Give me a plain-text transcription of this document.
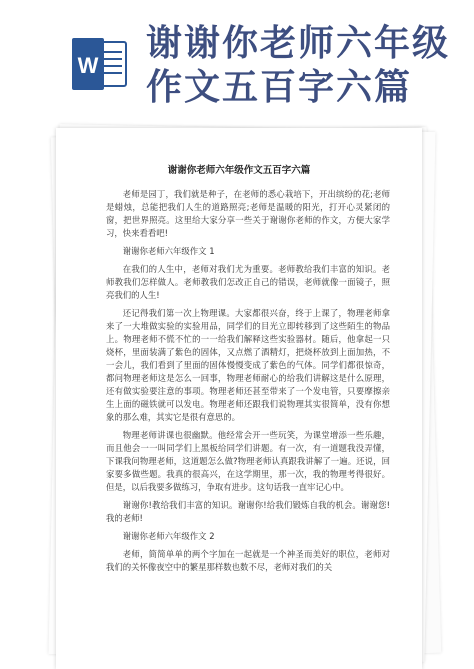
W
谢谢你老师六年级
作文五百字六篇
谢谢你老师六年级作文五百字六篇

老师是园丁，我们就是种子，在老师的悉心栽培下，开出缤纷的花;老师是蜡烛，总能把我们人生的道路照亮;老师是温暖的阳光，打开心灵紧闭的窗，把世界照亮。这里给大家分享一些关于谢谢你老师的作文，方便大家学习，快来看看吧!

谢谢你老师六年级作文 1

在我们的人生中，老师对我们尤为重要。老师教给我们丰富的知识。老师教我们怎样做人。老师教我们怎改正自己的错误，老师就像一面镜子，照亮我们的人生!

还记得我们第一次上物理课。大家都很兴奋，终于上课了，物理老师拿来了一大堆做实验的实验用品，同学们的目光立即转移到了这些陌生的物品上。物理老师不慌不忙的一一给我们解释这些实验器材。随后，他拿起一只烧杯，里面装满了紫色的固体，又点燃了酒精灯，把烧杯放到上面加热，不一会儿，我们看到了里面的固体慢慢变成了紫色的气体。同学们都很惊奇，都问物理老师这是怎么一回事，物理老师耐心的给我们讲解这是什么原理，还有做实验要注意的事项。物理老师还甚至带来了一个发电管，只要摩擦亲生上面的磁铁就可以发电。物理老师还跟我们说物理其实很简单，没有你想象的那么难，其实它是很有意思的。

物理老师讲课也很幽默。他经常会开一些玩笑，为课堂增添一些乐趣，而且他会一一叫同学们上黑板给同学们讲题。有一次，有一道题我没弄懂，下课我问物理老师，这道题怎么做?物理老师认真跟我讲解了一遍。还说，回家要多做些题。我真的很高兴，在这学期里，那一次，我的物理考得很好。但是，以后我要多做练习，争取有进步。这句话我一直牢记心中。

谢谢你!教给我们丰富的知识。谢谢你!给我们锻炼自我的机会。谢谢您!我的老师!

谢谢你老师六年级作文 2

老师，简简单单的两个字加在一起就是一个神圣而美好的职位，老师对我们的关怀像夜空中的繁星那样数也数不尽，老师对我们的关
